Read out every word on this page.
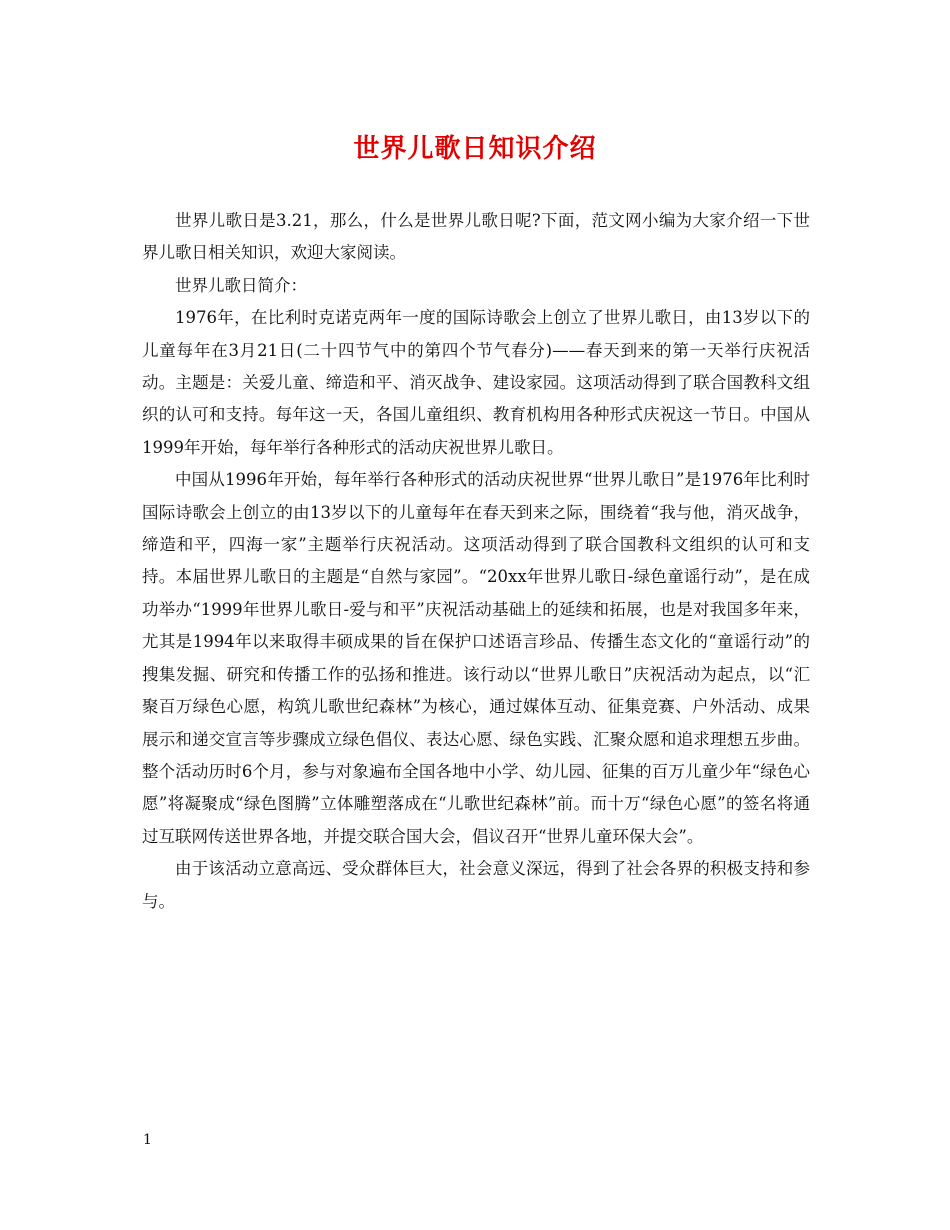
世界儿歌日知识介绍

世界儿歌日是3.21，那么，什么是世界儿歌日呢?下面，范文网小编为大家介绍一下世界儿歌日相关知识，欢迎大家阅读。

世界儿歌日简介：

1976年，在比利时克诺克两年一度的国际诗歌会上创立了世界儿歌日，由13岁以下的儿童每年在3月21日(二十四节气中的第四个节气春分)——春天到来的第一天举行庆祝活动。主题是：关爱儿童、缔造和平、消灭战争、建设家园。这项活动得到了联合国教科文组织的认可和支持。每年这一天，各国儿童组织、教育机构用各种形式庆祝这一节日。中国从1999年开始，每年举行各种形式的活动庆祝世界儿歌日。

中国从1996年开始，每年举行各种形式的活动庆祝世界“世界儿歌日”是1976年比利时国际诗歌会上创立的由13岁以下的儿童每年在春天到来之际，围绕着“我与他，消灭战争，缔造和平，四海一家”主题举行庆祝活动。这项活动得到了联合国教科文组织的认可和支持。本届世界儿歌日的主题是“自然与家园”。“20xx年世界儿歌日-绿色童谣行动”，是在成功举办“1999年世界儿歌日-爱与和平”庆祝活动基础上的延续和拓展，也是对我国多年来，尤其是1994年以来取得丰硕成果的旨在保护口述语言珍品、传播生态文化的“童谣行动”的搜集发掘、研究和传播工作的弘扬和推进。该行动以“世界儿歌日”庆祝活动为起点，以“汇聚百万绿色心愿，构筑儿歌世纪森林”为核心，通过媒体互动、征集竞赛、户外活动、成果展示和递交宣言等步骤成立绿色倡仪、表达心愿、绿色实践、汇聚众愿和追求理想五步曲。整个活动历时6个月，参与对象遍布全国各地中小学、幼儿园、征集的百万儿童少年“绿色心愿”将凝聚成“绿色图腾”立体雕塑落成在“儿歌世纪森林”前。而十万“绿色心愿”的签名将通过互联网传送世界各地，并提交联合国大会，倡议召开“世界儿童环保大会”。

由于该活动立意高远、受众群体巨大，社会意义深远，得到了社会各界的积极支持和参与。

1
